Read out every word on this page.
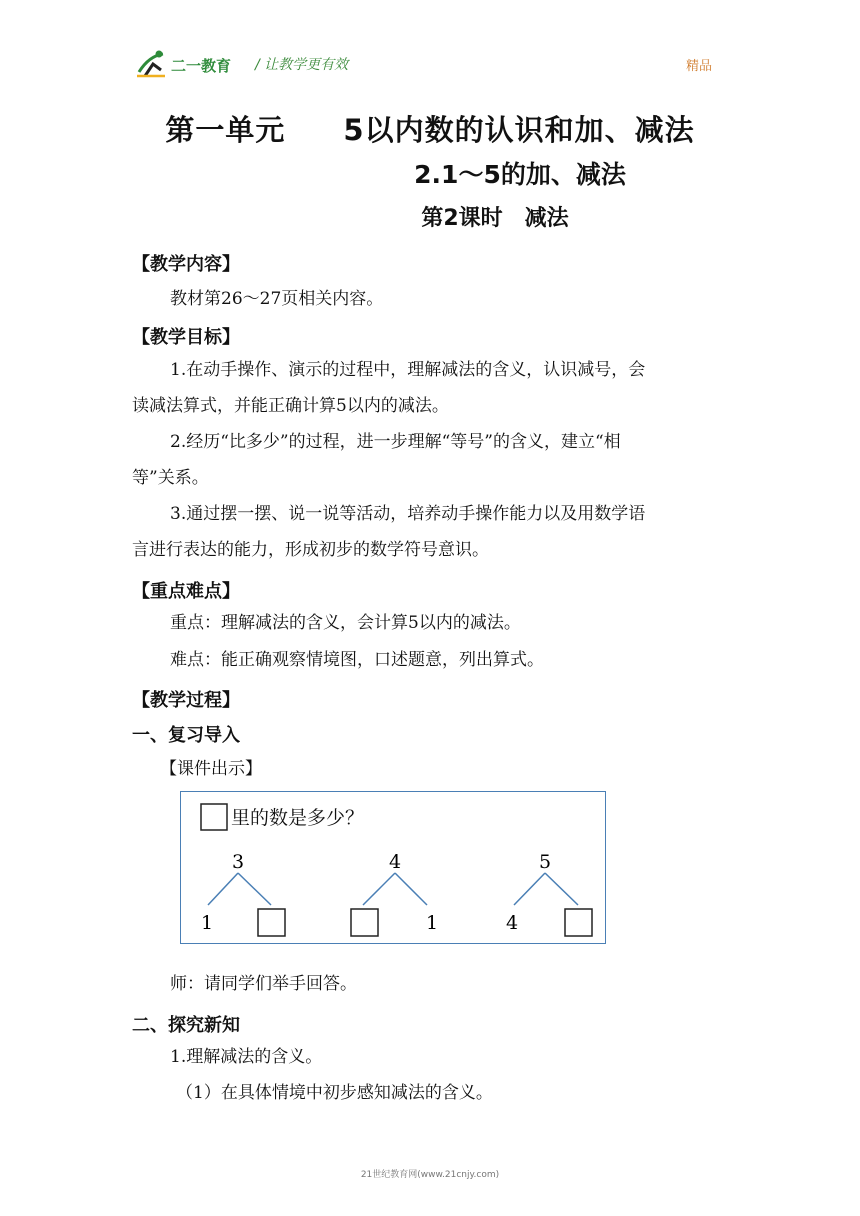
二一教育 / 让教学更有效	精品
第一单元 5以内数的认识和加、减法
2.1～5的加、减法
第2课时　减法
【教学内容】
教材第26～27页相关内容。
【教学目标】
1.在动手操作、演示的过程中，理解减法的含义，认识减号，会
读减法算式，并能正确计算5以内的减法。
2.经历“比多少”的过程，进一步理解“等号”的含义，建立“相
等”关系。
3.通过摆一摆、说一说等活动，培养动手操作能力以及用数学语
言进行表达的能力，形成初步的数学符号意识。
【重点难点】
重点：理解减法的含义，会计算5以内的减法。
难点：能正确观察情境图，口述题意，列出算式。
【教学过程】
一、复习导入
【课件出示】
里的数是多少？
3
1
4
1
5
4
师：请同学们举手回答。
二、探究新知
1.理解减法的含义。
（1）在具体情境中初步感知减法的含义。
21世纪教育网(www.21cnjy.com)
